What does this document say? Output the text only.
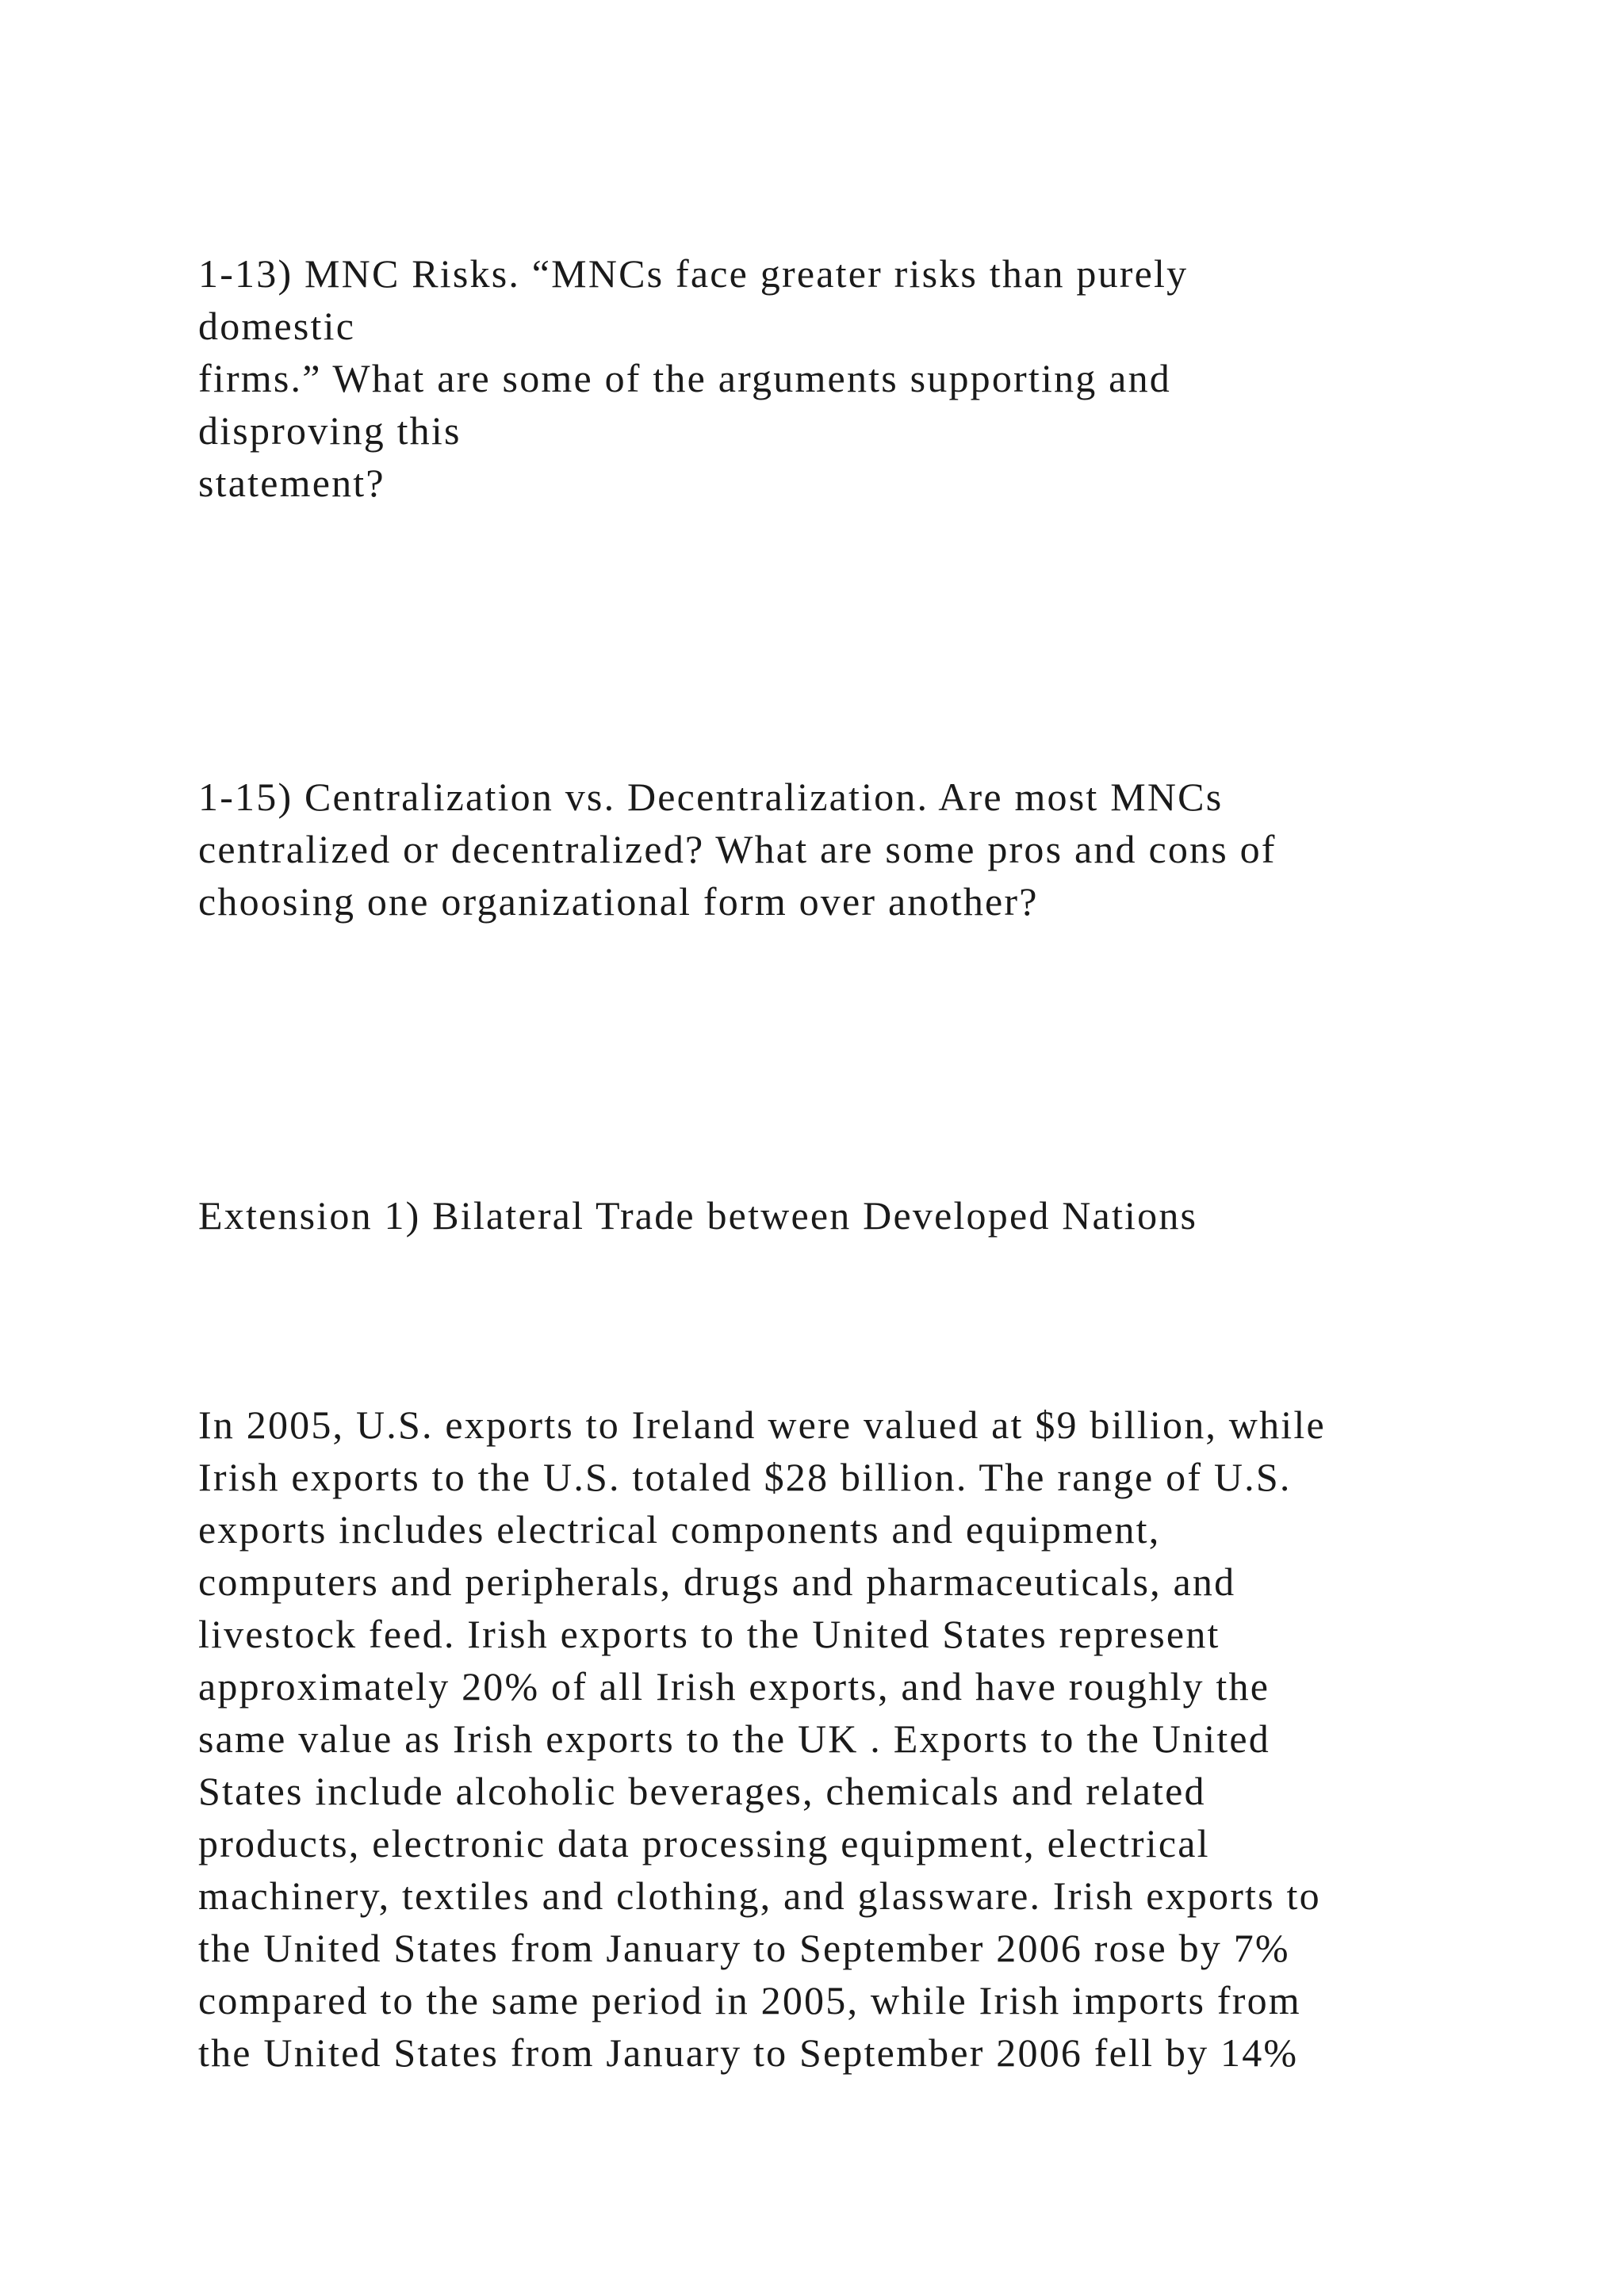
1-13) MNC Risks. “MNCs face greater risks than purely

domestic

firms.” What are some of the arguments supporting and

disproving this

statement?

1-15) Centralization vs. Decentralization. Are most MNCs

centralized or decentralized? What are some pros and cons of

choosing one organizational form over another?

Extension 1) Bilateral Trade between Developed Nations

In 2005, U.S. exports to Ireland were valued at $9 billion, while

Irish exports to the U.S. totaled $28 billion. The range of U.S.

exports includes electrical components and equipment,

computers and peripherals, drugs and pharmaceuticals, and

livestock feed. Irish exports to the United States represent

approximately 20% of all Irish exports, and have roughly the

same value as Irish exports to the UK . Exports to the United

States include alcoholic beverages, chemicals and related

products, electronic data processing equipment, electrical

machinery, textiles and clothing, and glassware. Irish exports to

the United States from January to September 2006 rose by 7%

compared to the same period in 2005, while Irish imports from

the United States from January to September 2006 fell by 14%
